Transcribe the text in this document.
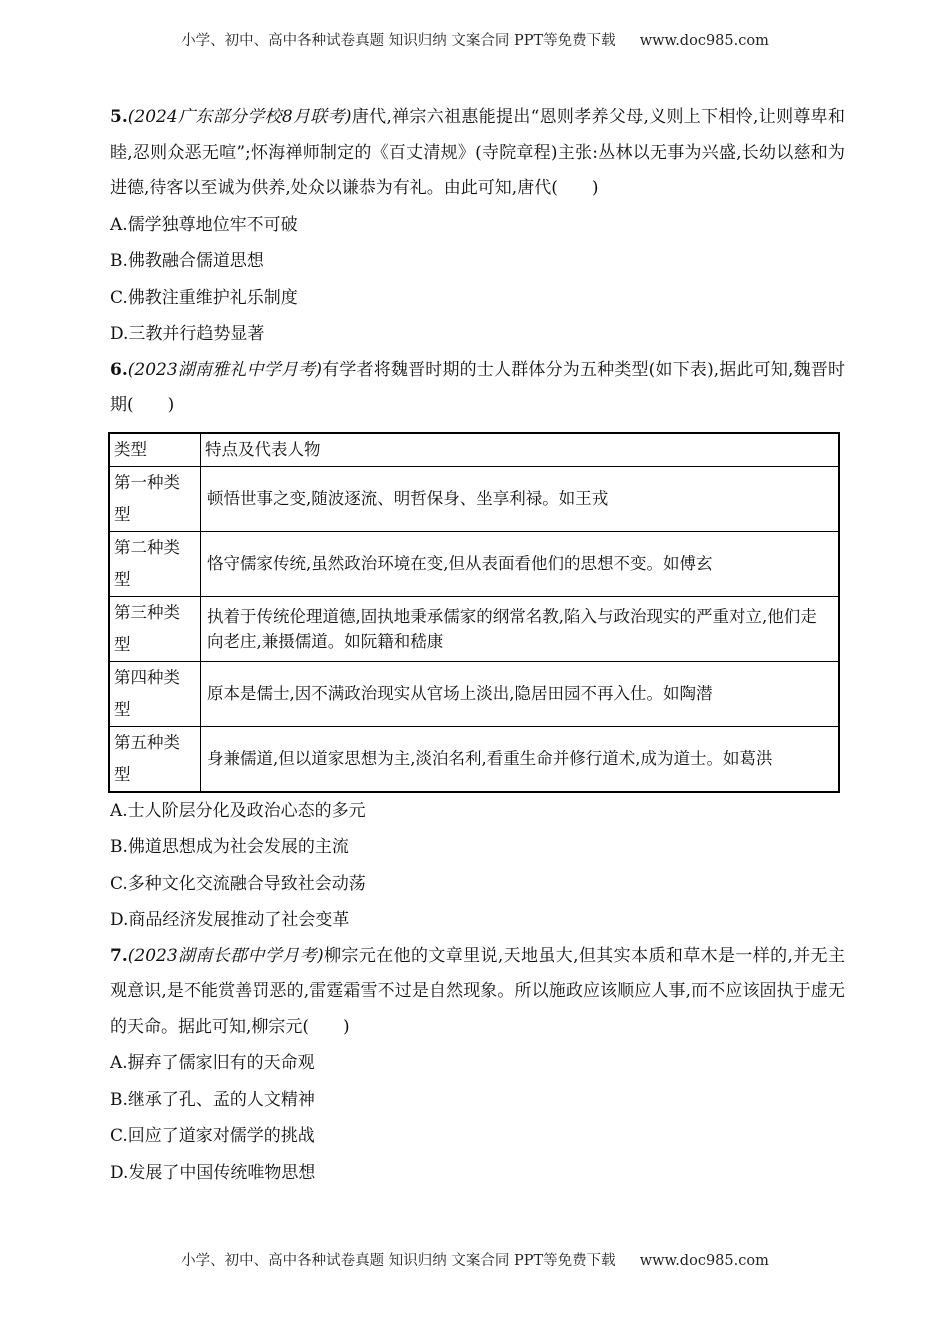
小学、初中、高中各种试卷真题 知识归纳 文案合同 PPT等免费下载 www.doc985.com

5.(2024广东部分学校8月联考)唐代,禅宗六祖惠能提出“恩则孝养父母,义则上下相怜,让则尊卑和睦,忍则众恶无喧”;怀海禅师制定的《百丈清规》(寺院章程)主张:丛林以无事为兴盛,长幼以慈和为进德,待客以至诚为供养,处众以谦恭为有礼。由此可知,唐代(　　)

A.儒学独尊地位牢不可破

B.佛教融合儒道思想

C.佛教注重维护礼乐制度

D.三教并行趋势显著

6.(2023湖南雅礼中学月考)有学者将魏晋时期的士人群体分为五种类型(如下表),据此可知,魏晋时期(　　)

类型	特点及代表人物
第一种类型	顿悟世事之变,随波逐流、明哲保身、坐享利禄。如王戎
第二种类型	恪守儒家传统,虽然政治环境在变,但从表面看他们的思想不变。如傅玄
第三种类型	执着于传统伦理道德,固执地秉承儒家的纲常名教,陷入与政治现实的严重对立,他们走向老庄,兼摄儒道。如阮籍和嵇康
第四种类型	原本是儒士,因不满政治现实从官场上淡出,隐居田园不再入仕。如陶潜
第五种类型	身兼儒道,但以道家思想为主,淡泊名利,看重生命并修行道术,成为道士。如葛洪

A.士人阶层分化及政治心态的多元

B.佛道思想成为社会发展的主流

C.多种文化交流融合导致社会动荡

D.商品经济发展推动了社会变革

7.(2023湖南长郡中学月考)柳宗元在他的文章里说,天地虽大,但其实本质和草木是一样的,并无主观意识,是不能赏善罚恶的,雷霆霜雪不过是自然现象。所以施政应该顺应人事,而不应该固执于虚无的天命。据此可知,柳宗元(　　)

A.摒弃了儒家旧有的天命观

B.继承了孔、孟的人文精神

C.回应了道家对儒学的挑战

D.发展了中国传统唯物思想

小学、初中、高中各种试卷真题 知识归纳 文案合同 PPT等免费下载 www.doc985.com
